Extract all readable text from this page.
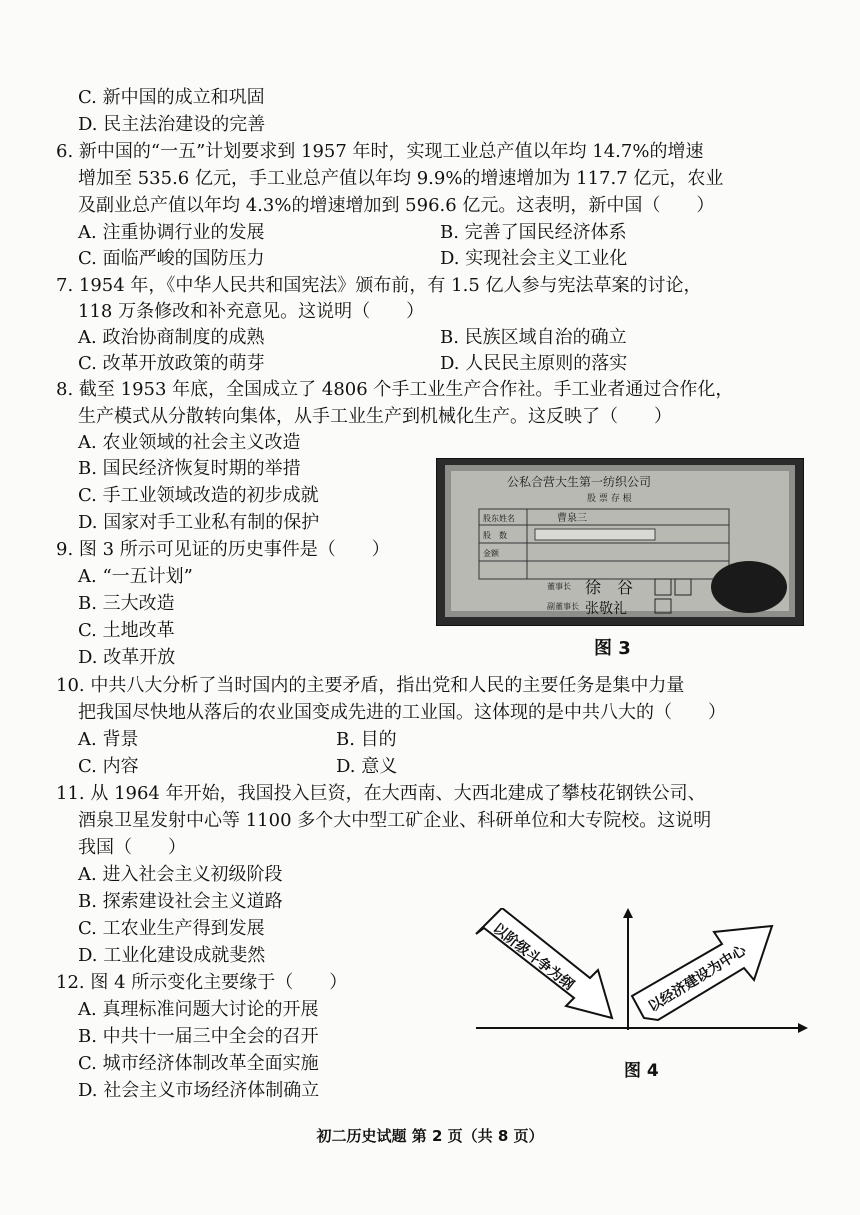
C. 新中国的成立和巩固
D. 民主法治建设的完善
6. 新中国的“一五”计划要求到 1957 年时，实现工业总产值以年均 14.7%的增速
增加至 535.6 亿元，手工业总产值以年均 9.9%的增速增加为 117.7 亿元，农业
及副业总产值以年均 4.3%的增速增加到 596.6 亿元。这表明，新中国（　　）
A. 注重协调行业的发展	B. 完善了国民经济体系
C. 面临严峻的国防压力	D. 实现社会主义工业化
7. 1954 年，《中华人民共和国宪法》颁布前，有 1.5 亿人参与宪法草案的讨论，
118 万条修改和补充意见。这说明（　　）
A. 政治协商制度的成熟	B. 民族区域自治的确立
C. 改革开放政策的萌芽	D. 人民民主原则的落实
8. 截至 1953 年底，全国成立了 4806 个手工业生产合作社。手工业者通过合作化，
生产模式从分散转向集体，从手工业生产到机械化生产。这反映了（　　）
A. 农业领域的社会主义改造
B. 国民经济恢复时期的举措
C. 手工业领域改造的初步成就
D. 国家对手工业私有制的保护
9. 图 3 所示可见证的历史事件是（　　）
A. “一五计划”
B. 三大改造
C. 土地改革
D. 改革开放
10. 中共八大分析了当时国内的主要矛盾，指出党和人民的主要任务是集中力量
把我国尽快地从落后的农业国变成先进的工业国。这体现的是中共八大的（　　）
A. 背景	B. 目的
C. 内容	D. 意义
11. 从 1964 年开始，我国投入巨资，在大西南、大西北建成了攀枝花钢铁公司、
酒泉卫星发射中心等 1100 多个大中型工矿企业、科研单位和大专院校。这说明
我国（　　）
A. 进入社会主义初级阶段
B. 探索建设社会主义道路
C. 工农业生产得到发展
D. 工业化建设成就斐然
12. 图 4 所示变化主要缘于（　　）
A. 真理标准问题大讨论的开展
B. 中共十一届三中全会的召开
C. 城市经济体制改革全面实施
D. 社会主义市场经济体制确立
公私合营大生第一纺织公司
股 票 存 根
股东姓名	曹泉三
股　数
金额
董事长 徐　谷
副董事长 张敬礼
图 3
以阶级斗争为纲	以经济建设为中心
图 4
初二历史试题 第 2 页（共 8 页）
